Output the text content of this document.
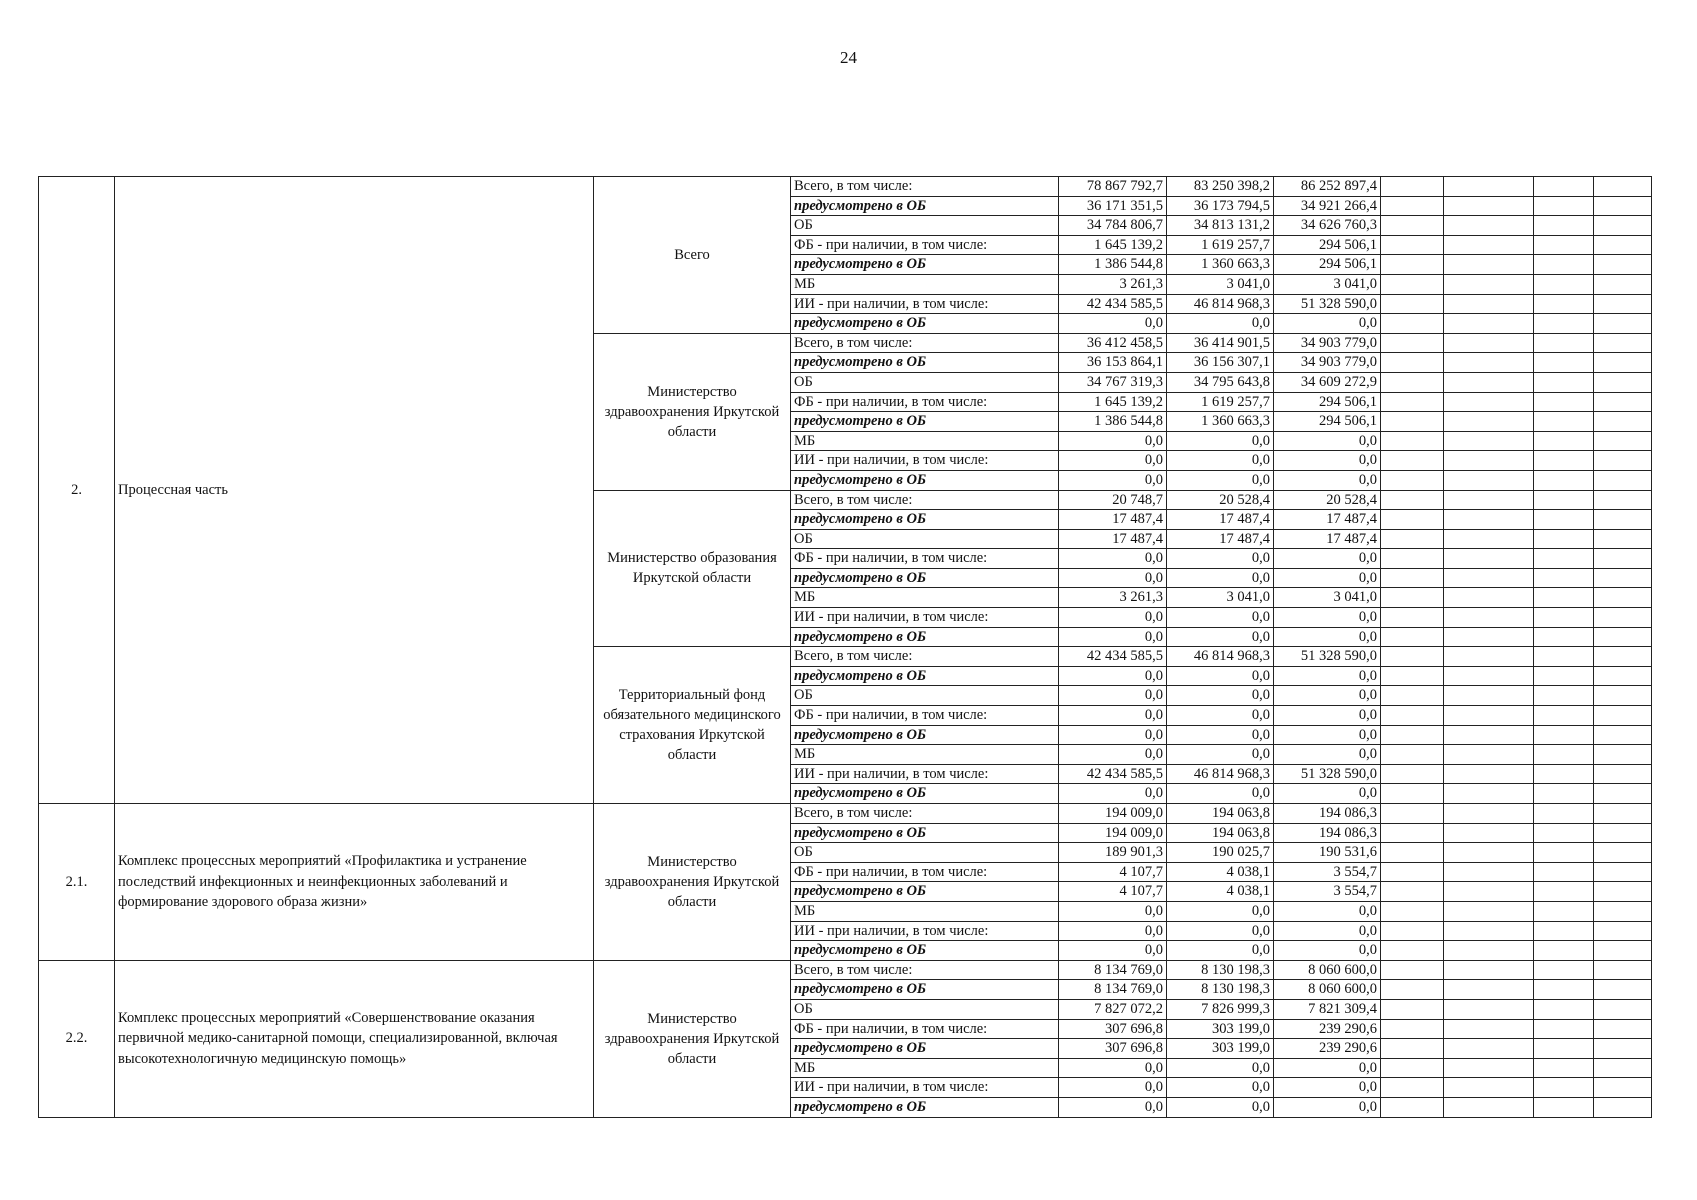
24
2.	Процессная часть	Всего	Всего, в том числе:	78 867 792,7	83 250 398,2	86 252 897,4				
			предусмотрено в ОБ	36 171 351,5	36 173 794,5	34 921 266,4				
			ОБ	34 784 806,7	34 813 131,2	34 626 760,3				
			ФБ - при наличии, в том числе:	1 645 139,2	1 619 257,7	294 506,1				
			предусмотрено в ОБ	1 386 544,8	1 360 663,3	294 506,1				
			МБ	3 261,3	3 041,0	3 041,0				
			ИИ - при наличии, в том числе:	42 434 585,5	46 814 968,3	51 328 590,0				
			предусмотрено в ОБ	0,0	0,0	0,0				
		Министерство здравоохранения Иркутской области	Всего, в том числе:	36 412 458,5	36 414 901,5	34 903 779,0				
			предусмотрено в ОБ	36 153 864,1	36 156 307,1	34 903 779,0				
			ОБ	34 767 319,3	34 795 643,8	34 609 272,9				
			ФБ - при наличии, в том числе:	1 645 139,2	1 619 257,7	294 506,1				
			предусмотрено в ОБ	1 386 544,8	1 360 663,3	294 506,1				
			МБ	0,0	0,0	0,0				
			ИИ - при наличии, в том числе:	0,0	0,0	0,0				
			предусмотрено в ОБ	0,0	0,0	0,0				
		Министерство образования Иркутской области	Всего, в том числе:	20 748,7	20 528,4	20 528,4				
			предусмотрено в ОБ	17 487,4	17 487,4	17 487,4				
			ОБ	17 487,4	17 487,4	17 487,4				
			ФБ - при наличии, в том числе:	0,0	0,0	0,0				
			предусмотрено в ОБ	0,0	0,0	0,0				
			МБ	3 261,3	3 041,0	3 041,0				
			ИИ - при наличии, в том числе:	0,0	0,0	0,0				
			предусмотрено в ОБ	0,0	0,0	0,0				
		Территориальный фонд обязательного медицинского страхования Иркутской области	Всего, в том числе:	42 434 585,5	46 814 968,3	51 328 590,0				
			предусмотрено в ОБ	0,0	0,0	0,0				
			ОБ	0,0	0,0	0,0				
			ФБ - при наличии, в том числе:	0,0	0,0	0,0				
			предусмотрено в ОБ	0,0	0,0	0,0				
			МБ	0,0	0,0	0,0				
			ИИ - при наличии, в том числе:	42 434 585,5	46 814 968,3	51 328 590,0				
			предусмотрено в ОБ	0,0	0,0	0,0				
2.1.	Комплекс процессных мероприятий «Профилактика и устранение последствий инфекционных и неинфекционных заболеваний и формирование здорового образа жизни»	Министерство здравоохранения Иркутской области	Всего, в том числе:	194 009,0	194 063,8	194 086,3				
			предусмотрено в ОБ	194 009,0	194 063,8	194 086,3				
			ОБ	189 901,3	190 025,7	190 531,6				
			ФБ - при наличии, в том числе:	4 107,7	4 038,1	3 554,7				
			предусмотрено в ОБ	4 107,7	4 038,1	3 554,7				
			МБ	0,0	0,0	0,0				
			ИИ - при наличии, в том числе:	0,0	0,0	0,0				
			предусмотрено в ОБ	0,0	0,0	0,0				
2.2.	Комплекс процессных мероприятий «Совершенствование оказания первичной медико-санитарной помощи, специализированной, включая высокотехнологичную медицинскую помощь»	Министерство здравоохранения Иркутской области	Всего, в том числе:	8 134 769,0	8 130 198,3	8 060 600,0				
			предусмотрено в ОБ	8 134 769,0	8 130 198,3	8 060 600,0				
			ОБ	7 827 072,2	7 826 999,3	7 821 309,4				
			ФБ - при наличии, в том числе:	307 696,8	303 199,0	239 290,6				
			предусмотрено в ОБ	307 696,8	303 199,0	239 290,6				
			МБ	0,0	0,0	0,0				
			ИИ - при наличии, в том числе:	0,0	0,0	0,0				
			предусмотрено в ОБ	0,0	0,0	0,0				
